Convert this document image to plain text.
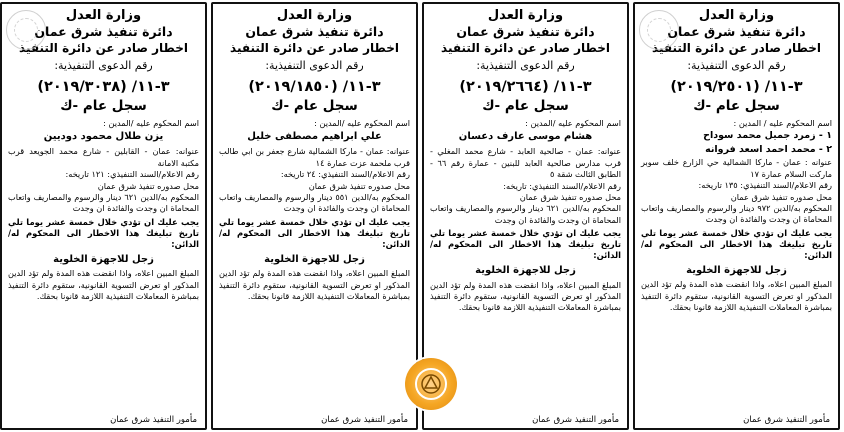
وزارة العدل
دائرة تنفيذ شرق عمان
اخطار صادر عن دائرة التنفيذ
رقم الدعوى التنفيذية:
٣-١١/ (٢٠١٩/٢٥٠١)
سجل عام -ك
اسم المحكوم عليه / المدين :
١ - زمرد جميل محمد سوداح
٢ - محمد احمد اسعد فروانه
عنوانه : عمان - ماركا الشمالية حي الزارع خلف سوبر ماركت السلام عمارة ١٧
رقم الاعلام/السند التنفيذي: ١٣٥ تاريخه:
محل صدوره تنفيذ شرق عمان
المحكوم به/الدين ٩٧٢ دينار والرسوم والمصاريف واتعاب المحاماة ان وجدت والفائدة ان وجدت
يجب عليك ان تؤدي خلال خمسة عشر يوما تلي تاريخ تبليغك هذا الاخطار الى المحكوم له/الدائن:
زجل للاجهزة الخلوية
المبلغ المبين اعلاه، واذا انقضت هذه المدة ولم تؤد الدين المذكور او تعرض التسوية القانونية، ستقوم دائرة التنفيذ بمباشرة المعاملات التنفيذية اللازمة قانونا بحقك.
مأمور التنفيذ شرق عمان
وزارة العدل
دائرة تنفيذ شرق عمان
اخطار صادر عن دائرة التنفيذ
رقم الدعوى التنفيذية:
٣-١١/ (٢٠١٩/٢٦٦٤)
سجل عام -ك
اسم المحكوم عليه /المدين :
هشام موسى عارف دعسان
عنوانه: عمان - صالحية العابد - شارع محمد المغلي - قرب مدارس صالحية العابد للبنين - عمارة رقم ٦٦ - الطابق الثالث شقة ٥
رقم الاعلام/السند التنفيذي: تاريخه:
محل صدوره تنفيذ شرق عمان
المحكوم به/الدين ٦٢١ دينار والرسوم والمصاريف واتعاب المحاماة ان وجدت والفائدة ان وجدت
يجب عليك ان تؤدي خلال خمسة عشر يوما تلي تاريخ تبليغك هذا الاخطار الى المحكوم له/الدائن:
زجل للاجهزة الخلوية
المبلغ المبين اعلاه، واذا انقضت هذه المدة ولم تؤد الدين المذكور او تعرض التسوية القانونية، ستقوم دائرة التنفيذ بمباشرة المعاملات التنفيذية اللازمة قانونا بحقك.
مأمور التنفيذ شرق عمان
وزارة العدل
دائرة تنفيذ شرق عمان
اخطار صادر عن دائرة التنفيذ
رقم الدعوى التنفيذية:
٣-١١/ (٢٠١٩/١٨٥٠)
سجل عام -ك
اسم المحكوم عليه /المدين :
علي ابراهيم مصطفى خليل
عنوانه: عمان - ماركا الشمالية شارع جعفر بن ابي طالب قرب ملحمة عزت عمارة ١٤
رقم الاعلام/السند التنفيذي: ٢٤ تاريخه:
محل صدوره تنفيذ شرق عمان
المحكوم به/الدين ٥٥١ دينار والرسوم والمصاريف واتعاب المحاماة ان وجدت والفائدة ان وجدت
يجب عليك ان تؤدي خلال خمسة عشر يوما تلي تاريخ تبليغك هذا الاخطار الى المحكوم له/الدائن:
زجل للاجهزة الخلوية
المبلغ المبين اعلاه، واذا انقضت هذه المدة ولم تؤد الدين المذكور او تعرض التسوية القانونية، ستقوم دائرة التنفيذ بمباشرة المعاملات التنفيذية اللازمة قانونا بحقك.
مأمور التنفيذ شرق عمان
وزارة العدل
دائرة تنفيذ شرق عمان
اخطار صادر عن دائرة التنفيذ
رقم الدعوى التنفيذية:
٣-١١/ (٢٠١٩/٣٠٣٨)
سجل عام -ك
اسم المحكوم عليه /المدين :
يزن طلال محمود دوديين
عنوانه: عمان - القابلين - شارع محمد الجويعد قرب مكتبة الامانة
رقم الاعلام/السند التنفيذي: ١٢١ تاريخه:
محل صدوره تنفيذ شرق عمان
المحكوم به/الدين ٦٢١ دينار والرسوم والمصاريف واتعاب المحاماة ان وجدت والفائدة ان وجدت
يجب عليك ان تؤدي خلال خمسة عشر يوما تلي تاريخ تبليغك هذا الاخطار الى المحكوم له/الدائن:
زجل للاجهزة الخلوية
المبلغ المبين اعلاه، واذا انقضت هذه المدة ولم تؤد الدين المذكور او تعرض التسوية القانونية، ستقوم دائرة التنفيذ بمباشرة المعاملات التنفيذية اللازمة قانونا بحقك.
مأمور التنفيذ شرق عمان
